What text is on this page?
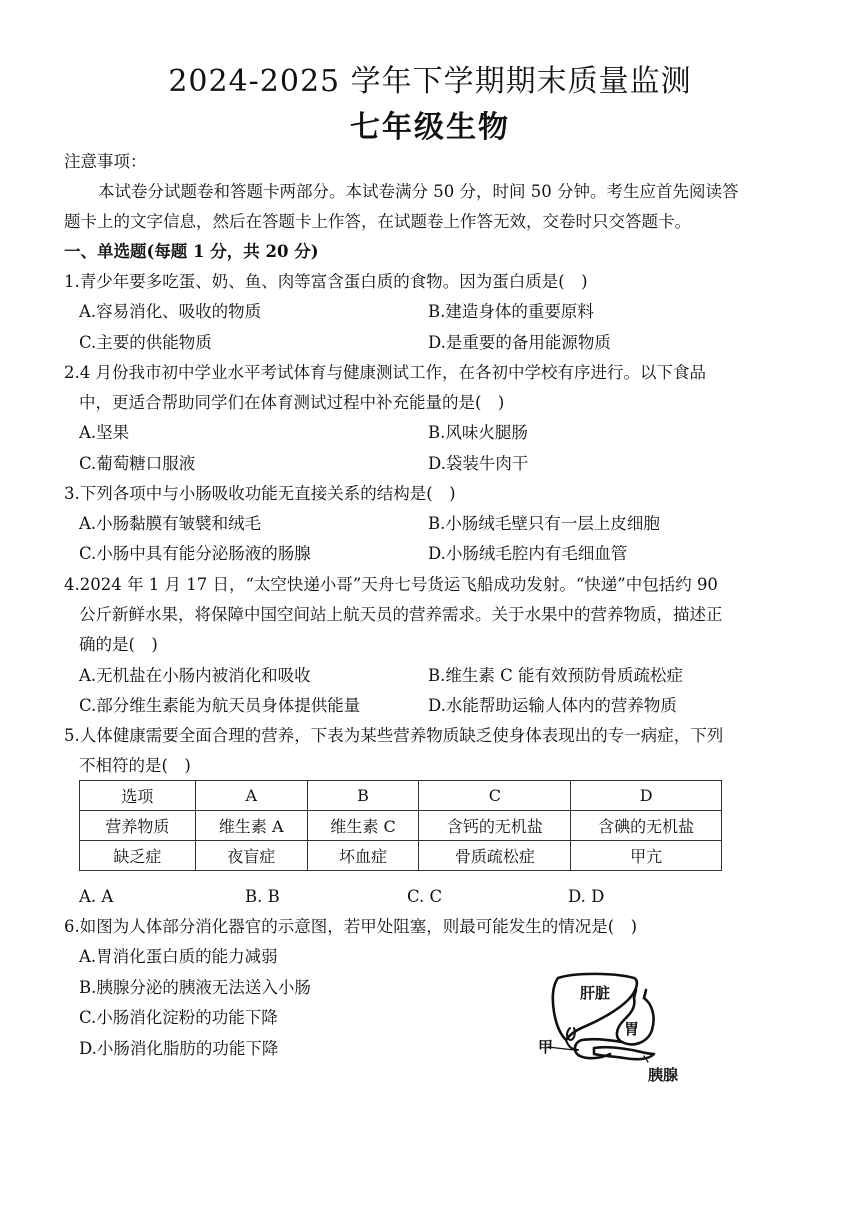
2024-2025 学年下学期期末质量监测
七年级生物
注意事项：
本试卷分试题卷和答题卡两部分。本试卷满分 50 分，时间 50 分钟。考生应首先阅读答
题卡上的文字信息，然后在答题卡上作答，在试题卷上作答无效，交卷时只交答题卡。
一、单选题(每题 1 分，共 20 分)
1.青少年要多吃蛋、奶、鱼、肉等富含蛋白质的食物。因为蛋白质是(　)
A.容易消化、吸收的物质	B.建造身体的重要原料
C.主要的供能物质	D.是重要的备用能源物质
2.4 月份我市初中学业水平考试体育与健康测试工作，在各初中学校有序进行。以下食品
中，更适合帮助同学们在体育测试过程中补充能量的是(　)
A.坚果	B.风味火腿肠
C.葡萄糖口服液	D.袋装牛肉干
3.下列各项中与小肠吸收功能无直接关系的结构是(　)
A.小肠黏膜有皱襞和绒毛	B.小肠绒毛壁只有一层上皮细胞
C.小肠中具有能分泌肠液的肠腺	D.小肠绒毛腔内有毛细血管
4.2024 年 1 月 17 日，“太空快递小哥”天舟七号货运飞船成功发射。“快递”中包括约 90
公斤新鲜水果，将保障中国空间站上航天员的营养需求。关于水果中的营养物质，描述正
确的是(　)
A.无机盐在小肠内被消化和吸收	B.维生素 C 能有效预防骨质疏松症
C.部分维生素能为航天员身体提供能量	D.水能帮助运输人体内的营养物质
5.人体健康需要全面合理的营养，下表为某些营养物质缺乏使身体表现出的专一病症，下列
不相符的是(　)
选项	A	B	C	D
营养物质	维生素 A	维生素 C	含钙的无机盐	含碘的无机盐
缺乏症	夜盲症	坏血症	骨质疏松症	甲亢
A. A	B. B	C. C	D. D
6.如图为人体部分消化器官的示意图，若甲处阻塞，则最可能发生的情况是(　)
A.胃消化蛋白质的能力减弱
B.胰腺分泌的胰液无法送入小肠
C.小肠消化淀粉的功能下降
D.小肠消化脂肪的功能下降
肝脏
胃
甲
胰腺
